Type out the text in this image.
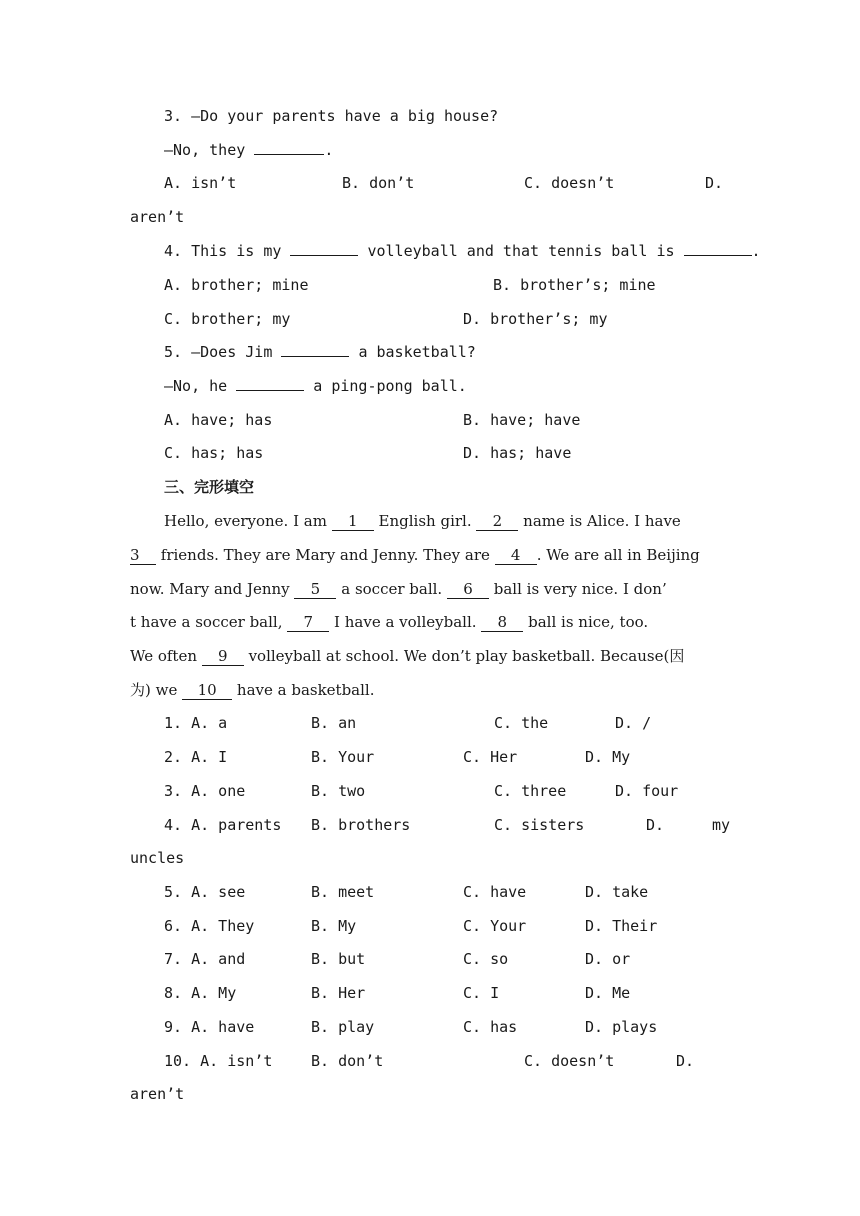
3. —Do your parents have a big house?
—No, they	.
A. isn’t	B. don’t	C. doesn’t	D.
aren’t
4. This is my	volleyball and that tennis ball is	.
A. brother; mine	B. brother’s; mine
C. brother; my	D. brother’s; my
5. —Does Jim	a basketball?
—No, he	a ping-pong ball.
A. have; has	B. have; have
C. has; has	D. has; have
三、完形填空
Hello, everyone. I am 1 English girl. 2 name is Alice. I have
3 friends. They are Mary and Jenny. They are 4 . We are all in Beijing
now. Mary and Jenny 5 a soccer ball. 6 ball is very nice. I don’
t have a soccer ball, 7 I have a volleyball. 8 ball is nice, too.
We often 9 volleyball at school. We don’t play basketball. Because(因
为) we 10 have a basketball.
1. A. a	B. an	C. the	D. /
2. A. I	B. Your	C. Her	D. My
3. A. one	B. two	C. three	D. four
4. A. parents B. brothers	C. sisters	D.	my
uncles
5. A. see	B. meet	C. have	D. take
6. A. They	B. My	C. Your	D. Their
7. A. and	B. but	C. so	D. or
8. A. My	B. Her	C. I	D. Me
9. A. have	B. play	C. has	D. plays
10. A. isn’t	B. don’t	C. doesn’t	D.
aren’t
